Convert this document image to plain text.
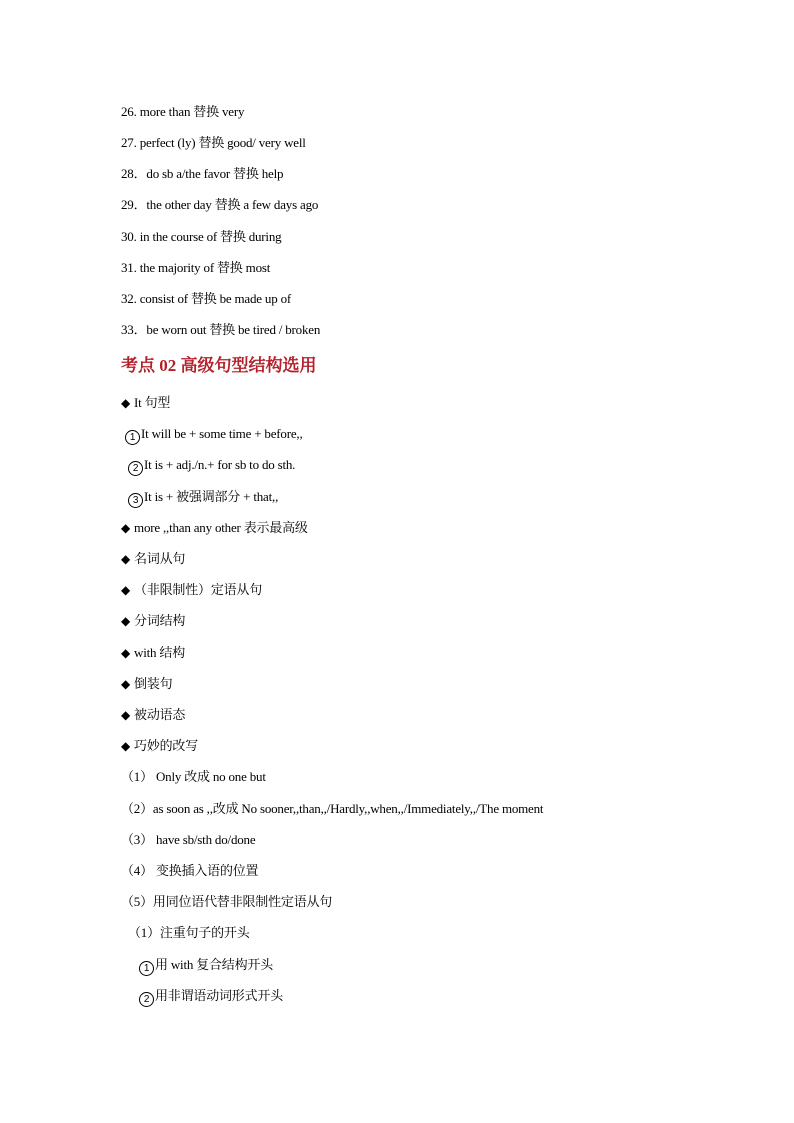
26. more than 替换 very
27. perfect (ly) 替换 good/ very well
28．do sb a/the favor 替换 help
29．the other day 替换 a few days ago
30. in the course of 替换 during
31. the majority of 替换 most
32. consist of 替换 be made up of
33．be worn out 替换 be tired / broken
考点 02 高级句型结构选用
◆ It 句型
1 It will be + some time + before,,
2 It is + adj./n.+ for sb to do sth.
3 It is + 被强调部分 + that,,
◆ more ,,than any other 表示最高级
◆ 名词从句
◆ （非限制性）定语从句
◆ 分词结构
◆ with 结构
◆ 倒装句
◆ 被动语态
◆ 巧妙的改写
（1） Only 改成 no one but
（2）as soon as ,,改成 No sooner,,than,,/Hardly,,when,,/Immediately,,/The moment
（3） have sb/sth do/done
（4） 变换插入语的位置
（5）用同位语代替非限制性定语从句
（1）注重句子的开头
1 用 with 复合结构开头
2 用非谓语动词形式开头
